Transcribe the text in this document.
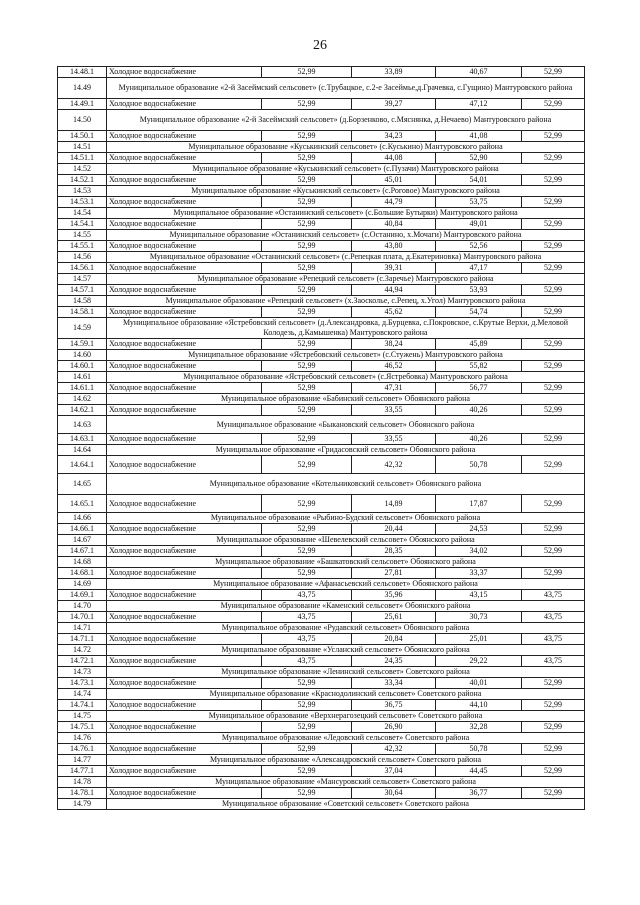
26
14.48.1	Холодное водоснабжение	52,99	33,89	40,67	52,99
14.49	Муниципальное образование «2-й Засеймский сельсовет» (с.Трубацкое, с.2-е Засеймье,д.Грачевка, с.Гущино) Мантуровского района				
14.49.1	Холодное водоснабжение	52,99	39,27	47,12	52,99
14.50	Муниципальное образование «2-й Засеймский сельсовет» (д.Борзенково, с.Мяснянка, д.Нечаево) Мантуровского района				
14.50.1	Холодное водоснабжение	52,99	34,23	41,08	52,99
14.51	Муниципальное образование «Куськинский сельсовет» (с.Куськино) Мантуровского района				
14.51.1	Холодное водоснабжение	52,99	44,08	52,90	52,99
14.52	Муниципальное образование «Куськинский сельсовет» (с.Пузачи) Мантуровского района				
14.52.1	Холодное водоснабжение	52,99	45,01	54,01	52,99
14.53	Муниципальное образование «Куськинский сельсовет» (с.Роговое) Мантуровского района				
14.53.1	Холодное водоснабжение	52,99	44,79	53,75	52,99
14.54	Муниципальное образование «Останинский сельсовет» (с.Большие Бутырки) Мантуровского района				
14.54.1	Холодное водоснабжение	52,99	40,84	49,01	52,99
14.55	Муниципальное образование «Останинский сельсовет» (с.Останино, х.Мочаги) Мантуровского района				
14.55.1	Холодное водоснабжение	52,99	43,80	52,56	52,99
14.56	Муниципальное образование «Останинский сельсовет» (с.Репецкая плата, д.Екатериновка) Мантуровского района				
14.56.1	Холодное водоснабжение	52,99	39,31	47,17	52,99
14.57	Муниципальное образование «Репецкий сельсовет» (с.Заречье) Мантуровского района				
14.57.1	Холодное водоснабжение	52,99	44,94	53,93	52,99
14.58	Муниципальное образование «Репецкий сельсовет» (х.Заосколье, с.Репец, х.Угол) Мантуровского района				
14.58.1	Холодное водоснабжение	52,99	45,62	54,74	52,99
14.59	Муниципальное образование «Ястребовский сельсовет» (д.Александровка, д.Бурцевка, с.Покровское, с.Крутые Верхи, д.Меловой Колодезь, д.Камышенка) Мантуровского района				
14.59.1	Холодное водоснабжение	52,99	38,24	45,89	52,99
14.60	Муниципальное образование «Ястребовский сельсовет» (с.Стужень) Мантуровского района				
14.60.1	Холодное водоснабжение	52,99	46,52	55,82	52,99
14.61	Муниципальное образование «Ястребовский сельсовет» (с.Ястребовка) Мантуровского района				
14.61.1	Холодное водоснабжение	52,99	47,31	56,77	52,99
14.62	Муниципальное образование «Бабинский сельсовет» Обоянского района				
14.62.1	Холодное водоснабжение	52,99	33,55	40,26	52,99
14.63	Муниципальное образование «Быкановский сельсовет» Обоянского района				
14.63.1	Холодное водоснабжение	52,99	33,55	40,26	52,99
14.64	Муниципальное образование «Гридасовский сельсовет» Обоянского района				
14.64.1	Холодное водоснабжение	52,99	42,32	50,78	52,99
14.65	Муниципальное образование «Котельниковский сельсовет» Обоянского района				
14.65.1	Холодное водоснабжение	52,99	14,89	17,87	52,99
14.66	Муниципальное образование «Рыбино-Будский сельсовет» Обоянского района				
14.66.1	Холодное водоснабжение	52,99	20,44	24,53	52,99
14.67	Муниципальное образование «Шевелевский сельсовет» Обоянского района				
14.67.1	Холодное водоснабжение	52,99	28,35	34,02	52,99
14.68	Муниципальное образование «Башкатовский сельсовет» Обоянского района				
14.68.1	Холодное водоснабжение	52,99	27,81	33,37	52,99
14.69	Муниципальное образование «Афанасьевский сельсовет» Обоянского района				
14.69.1	Холодное водоснабжение	43,75	35,96	43,15	43,75
14.70	Муниципальное образование «Каменский сельсовет» Обоянского района				
14.70.1	Холодное водоснабжение	43,75	25,61	30,73	43,75
14.71	Муниципальное образование «Рудавский сельсовет» Обоянского района				
14.71.1	Холодное водоснабжение	43,75	20,84	25,01	43,75
14.72	Муниципальное образование «Усланский сельсовет» Обоянского района				
14.72.1	Холодное водоснабжение	43,75	24,35	29,22	43,75
14.73	Муниципальное образование «Ленинский сельсовет» Советского района				
14.73.1	Холодное водоснабжение	52,99	33,34	40,01	52,99
14.74	Муниципальное образование «Краснодолинский сельсовет» Советского района				
14.74.1	Холодное водоснабжение	52,99	36,75	44,10	52,99
14.75	Муниципальное образование «Верхнерагозецкий сельсовет» Советского района				
14.75.1	Холодное водоснабжение	52,99	26,90	32,28	52,99
14.76	Муниципальное образование «Ледовский сельсовет» Советского района				
14.76.1	Холодное водоснабжение	52,99	42,32	50,78	52,99
14.77	Муниципальное образование «Александровский сельсовет» Советского района				
14.77.1	Холодное водоснабжение	52,99	37,04	44,45	52,99
14.78	Муниципальное образование «Мансуровский сельсовет» Советского района				
14.78.1	Холодное водоснабжение	52,99	30,64	36,77	52,99
14.79	Муниципальное образование «Советский сельсовет» Советского района				
